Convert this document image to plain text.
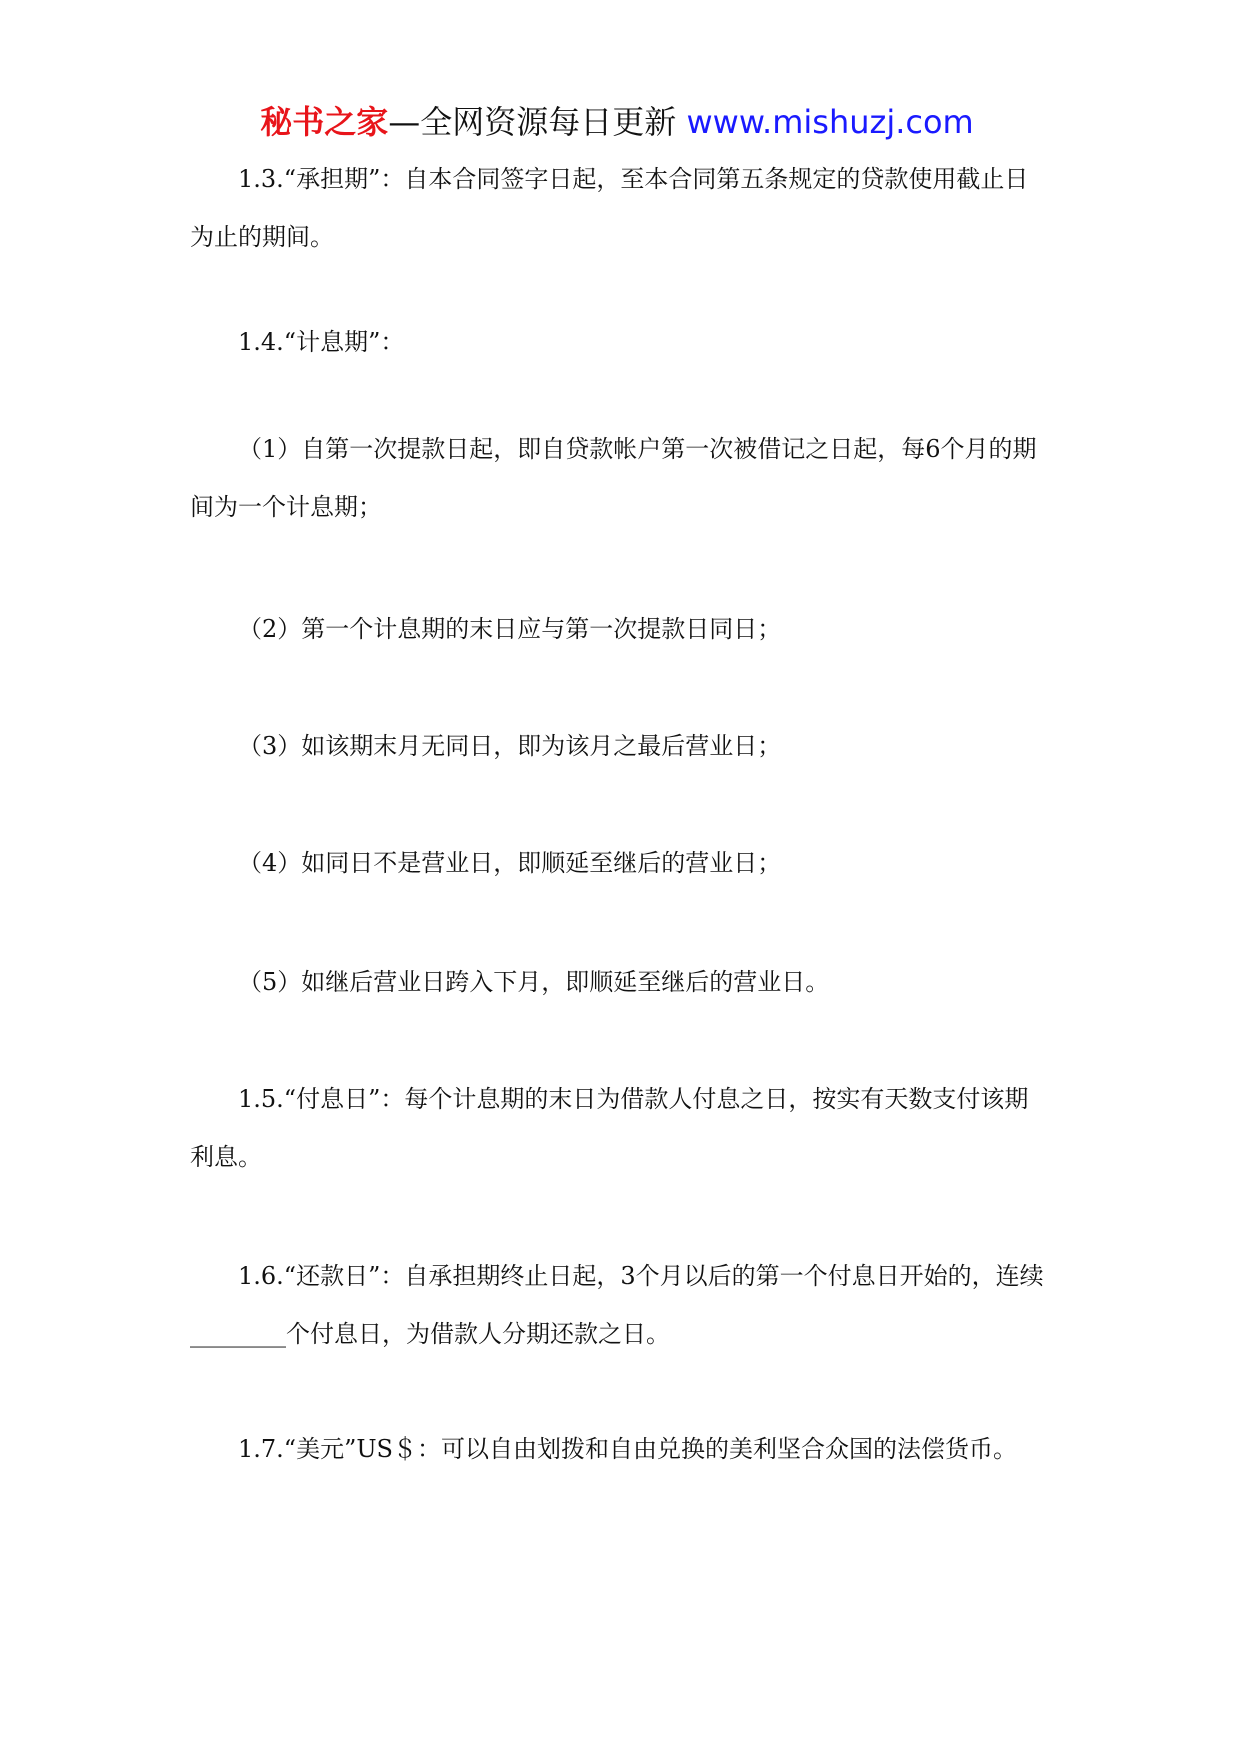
秘书之家—全网资源每日更新 www.mishuzj.com

1.3.“承担期”：自本合同签字日起，至本合同第五条规定的贷款使用截止日为止的期间。

1.4.“计息期”：

（1）自第一次提款日起，即自贷款帐户第一次被借记之日起，每6个月的期间为一个计息期；

（2）第一个计息期的末日应与第一次提款日同日；

（3）如该期末月无同日，即为该月之最后营业日；

（4）如同日不是营业日，即顺延至继后的营业日；

（5）如继后营业日跨入下月，即顺延至继后的营业日。

1.5.“付息日”：每个计息期的末日为借款人付息之日，按实有天数支付该期利息。

1.6.“还款日”：自承担期终止日起，3个月以后的第一个付息日开始的，连续________个付息日，为借款人分期还款之日。

1.7.“美元”US＄：可以自由划拨和自由兑换的美利坚合众国的法偿货币。
